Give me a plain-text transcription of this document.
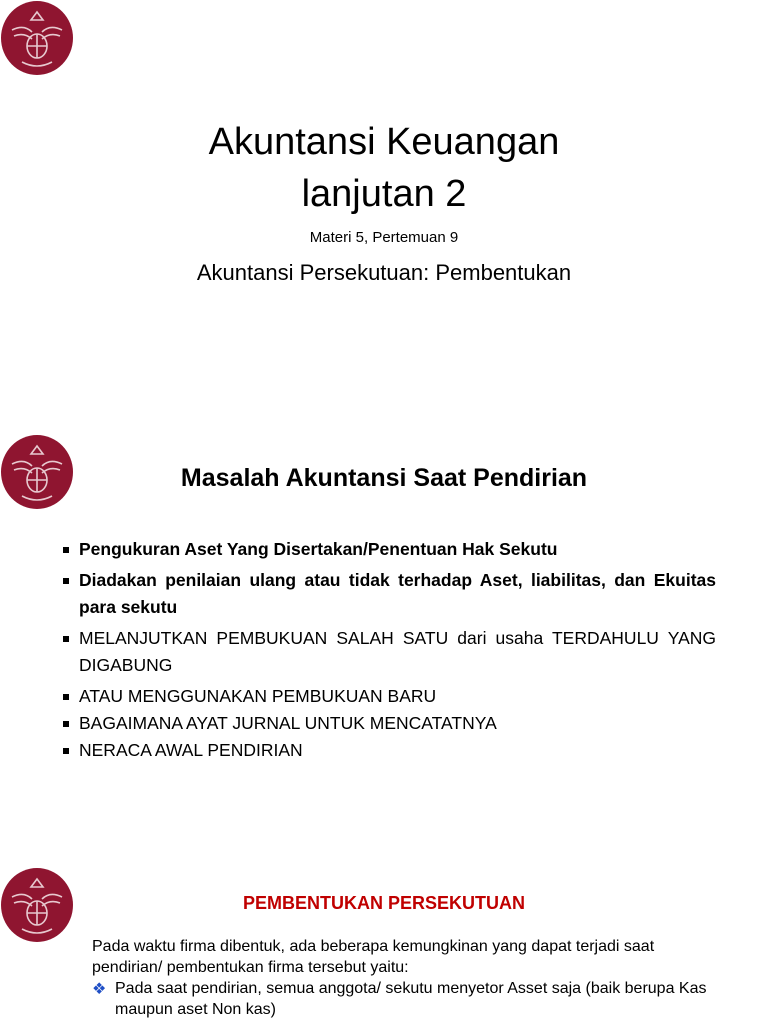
Akuntansi Keuangan
lanjutan 2
Materi 5, Pertemuan 9
Akuntansi Persekutuan: Pembentukan
Masalah Akuntansi Saat Pendirian
Pengukuran Aset Yang Disertakan/Penentuan Hak Sekutu
Diadakan penilaian ulang atau tidak terhadap Aset, liabilitas, dan Ekuitas para sekutu
MELANJUTKAN PEMBUKUAN SALAH SATU dari usaha TERDAHULU YANG DIGABUNG
ATAU MENGGUNAKAN PEMBUKUAN BARU
BAGAIMANA AYAT JURNAL UNTUK MENCATATNYA
NERACA AWAL PENDIRIAN
PEMBENTUKAN PERSEKUTUAN
Pada waktu firma dibentuk, ada beberapa kemungkinan yang dapat terjadi saat pendirian/ pembentukan firma tersebut yaitu:
❖ Pada saat pendirian, semua anggota/ sekutu menyetor Asset saja (baik berupa Kas maupun aset Non kas)
